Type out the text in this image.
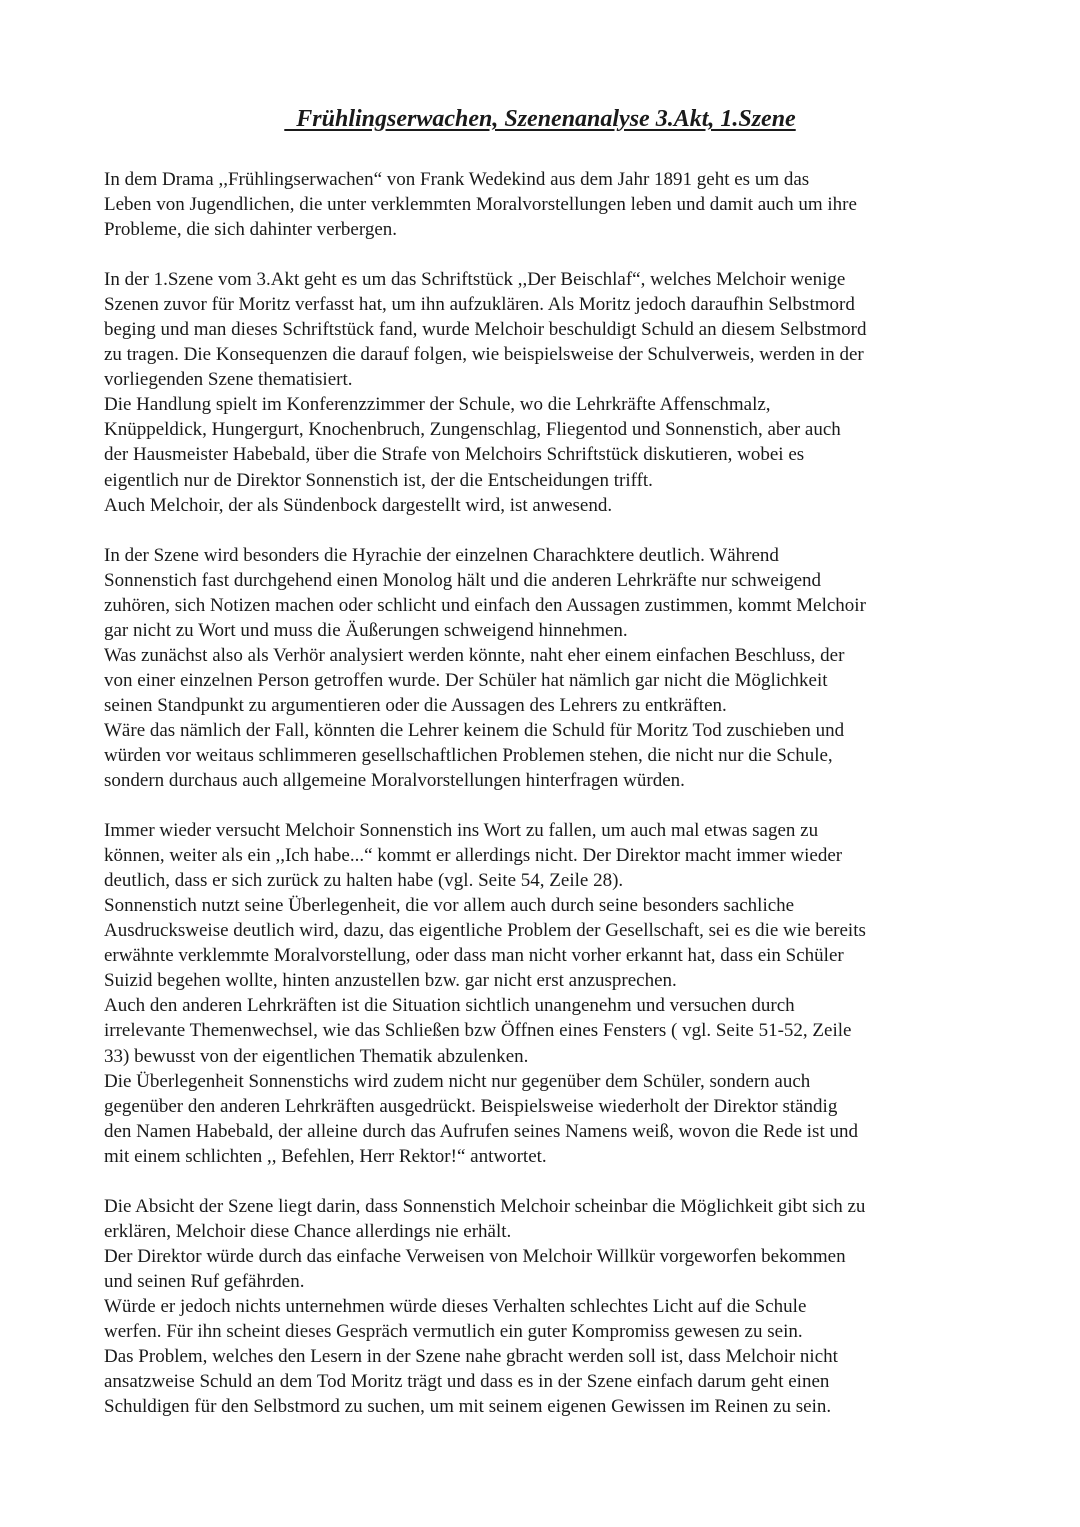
Frühlingserwachen, Szenenanalyse 3.Akt, 1.Szene
In dem Drama ,,Frühlingserwachen“ von Frank Wedekind aus dem Jahr 1891 geht es um das
Leben von Jugendlichen, die unter verklemmten Moralvorstellungen leben und damit auch um ihre
Probleme, die sich dahinter verbergen.
In der 1.Szene vom 3.Akt geht es um das Schriftstück ,,Der Beischlaf“, welches Melchoir wenige
Szenen zuvor für Moritz verfasst hat, um ihn aufzuklären. Als Moritz jedoch daraufhin Selbstmord
beging und man dieses Schriftstück fand, wurde Melchoir beschuldigt Schuld an diesem Selbstmord
zu tragen. Die Konsequenzen die darauf folgen, wie beispielsweise der Schulverweis, werden in der
vorliegenden Szene thematisiert.
Die Handlung spielt im Konferenzzimmer der Schule, wo die Lehrkräfte Affenschmalz,
Knüppeldick, Hungergurt, Knochenbruch, Zungenschlag, Fliegentod und Sonnenstich, aber auch
der Hausmeister Habebald, über die Strafe von Melchoirs Schriftstück diskutieren, wobei es
eigentlich nur de Direktor Sonnenstich ist, der die Entscheidungen trifft.
Auch Melchoir, der als Sündenbock dargestellt wird, ist anwesend.
In der Szene wird besonders die Hyrachie der einzelnen Charachktere deutlich. Während
Sonnenstich fast durchgehend einen Monolog hält und die anderen Lehrkräfte nur schweigend
zuhören, sich Notizen machen oder schlicht und einfach den Aussagen zustimmen, kommt Melchoir
gar nicht zu Wort und muss die Äußerungen schweigend hinnehmen.
Was zunächst also als Verhör analysiert werden könnte, naht eher einem einfachen Beschluss, der
von einer einzelnen Person getroffen wurde. Der Schüler hat nämlich gar nicht die Möglichkeit
seinen Standpunkt zu argumentieren oder die Aussagen des Lehrers zu entkräften.
Wäre das nämlich der Fall, könnten die Lehrer keinem die Schuld für Moritz Tod zuschieben und
würden vor weitaus schlimmeren gesellschaftlichen Problemen stehen, die nicht nur die Schule,
sondern durchaus auch allgemeine Moralvorstellungen hinterfragen würden.
Immer wieder versucht Melchoir Sonnenstich ins Wort zu fallen, um auch mal etwas sagen zu
können, weiter als ein ,,Ich habe...“ kommt er allerdings nicht. Der Direktor macht immer wieder
deutlich, dass er sich zurück zu halten habe (vgl. Seite 54, Zeile 28).
Sonnenstich nutzt seine Überlegenheit, die vor allem auch durch seine besonders sachliche
Ausdrucksweise deutlich wird, dazu, das eigentliche Problem der Gesellschaft, sei es die wie bereits
erwähnte verklemmte Moralvorstellung, oder dass man nicht vorher erkannt hat, dass ein Schüler
Suizid begehen wollte, hinten anzustellen bzw. gar nicht erst anzusprechen.
Auch den anderen Lehrkräften ist die Situation sichtlich unangenehm und versuchen durch
irrelevante Themenwechsel, wie das Schließen bzw Öffnen eines Fensters ( vgl. Seite 51-52, Zeile
33) bewusst von der eigentlichen Thematik abzulenken.
Die Überlegenheit Sonnenstichs wird zudem nicht nur gegenüber dem Schüler, sondern auch
gegenüber den anderen Lehrkräften ausgedrückt. Beispielsweise wiederholt der Direktor ständig
den Namen Habebald, der alleine durch das Aufrufen seines Namens weiß, wovon die Rede ist und
mit einem schlichten ,, Befehlen, Herr Rektor!“ antwortet.
Die Absicht der Szene liegt darin, dass Sonnenstich Melchoir scheinbar die Möglichkeit gibt sich zu
erklären, Melchoir diese Chance allerdings nie erhält.
Der Direktor würde durch das einfache Verweisen von Melchoir Willkür vorgeworfen bekommen
und seinen Ruf gefährden.
Würde er jedoch nichts unternehmen würde dieses Verhalten schlechtes Licht auf die Schule
werfen. Für ihn scheint dieses Gespräch vermutlich ein guter Kompromiss gewesen zu sein.
Das Problem, welches den Lesern in der Szene nahe gbracht werden soll ist, dass Melchoir nicht
ansatzweise Schuld an dem Tod Moritz trägt und dass es in der Szene einfach darum geht einen
Schuldigen für den Selbstmord zu suchen, um mit seinem eigenen Gewissen im Reinen zu sein.
